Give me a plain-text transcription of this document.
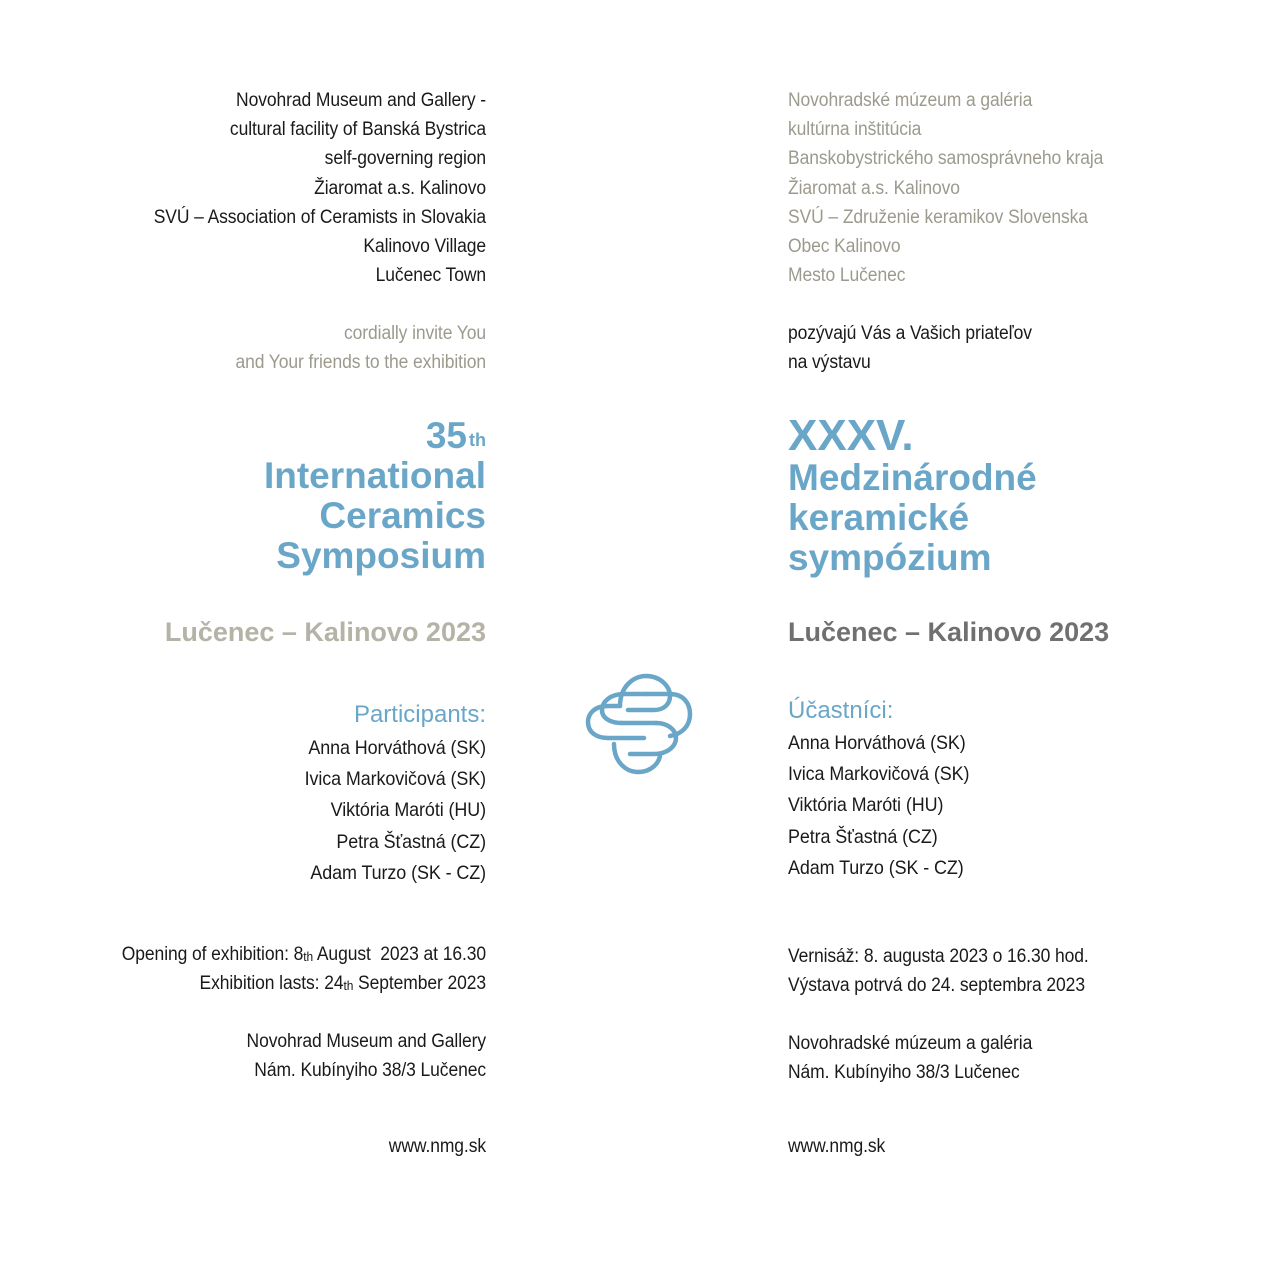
Novohrad Museum and Gallery -
cultural facility of Banská Bystrica
self-governing region
Žiaromat a.s. Kalinovo
SVÚ – Association of Ceramists in Slovakia
Kalinovo Village
Lučenec Town
cordially invite You
and Your friends to the exhibition
35 $^{th}$
International
Ceramics
Symposium
Lučenec – Kalinovo 2023
Participants:
Anna Horváthová (SK)
Ivica Markovičová (SK)
Viktória Maróti (HU)
Petra Šťastná (CZ)
Adam Turzo (SK - CZ)
Opening of exhibition: 8th August  2023 at 16.30
Exhibition lasts: 24th September 2023
Novohrad Museum and Gallery
Nám. Kubínyiho 38/3 Lučenec
www.nmg.sk
Novohradské múzeum a galéria
kultúrna inštitúcia
Banskobystrického samosprávneho kraja
Žiaromat a.s. Kalinovo
SVÚ – Združenie keramikov Slovenska
Obec Kalinovo
Mesto Lučenec
pozývajú Vás a Vašich priateľov
na výstavu
XXXV.
Medzinárodné
keramické
sympózium
Lučenec – Kalinovo 2023
Účastníci:
Anna Horváthová (SK)
Ivica Markovičová (SK)
Viktória Maróti (HU)
Petra Šťastná (CZ)
Adam Turzo (SK - CZ)
Vernisáž: 8. augusta 2023 o 16.30 hod.
Výstava potrvá do 24. septembra 2023
Novohradské múzeum a galéria
Nám. Kubínyiho 38/3 Lučenec
www.nmg.sk
